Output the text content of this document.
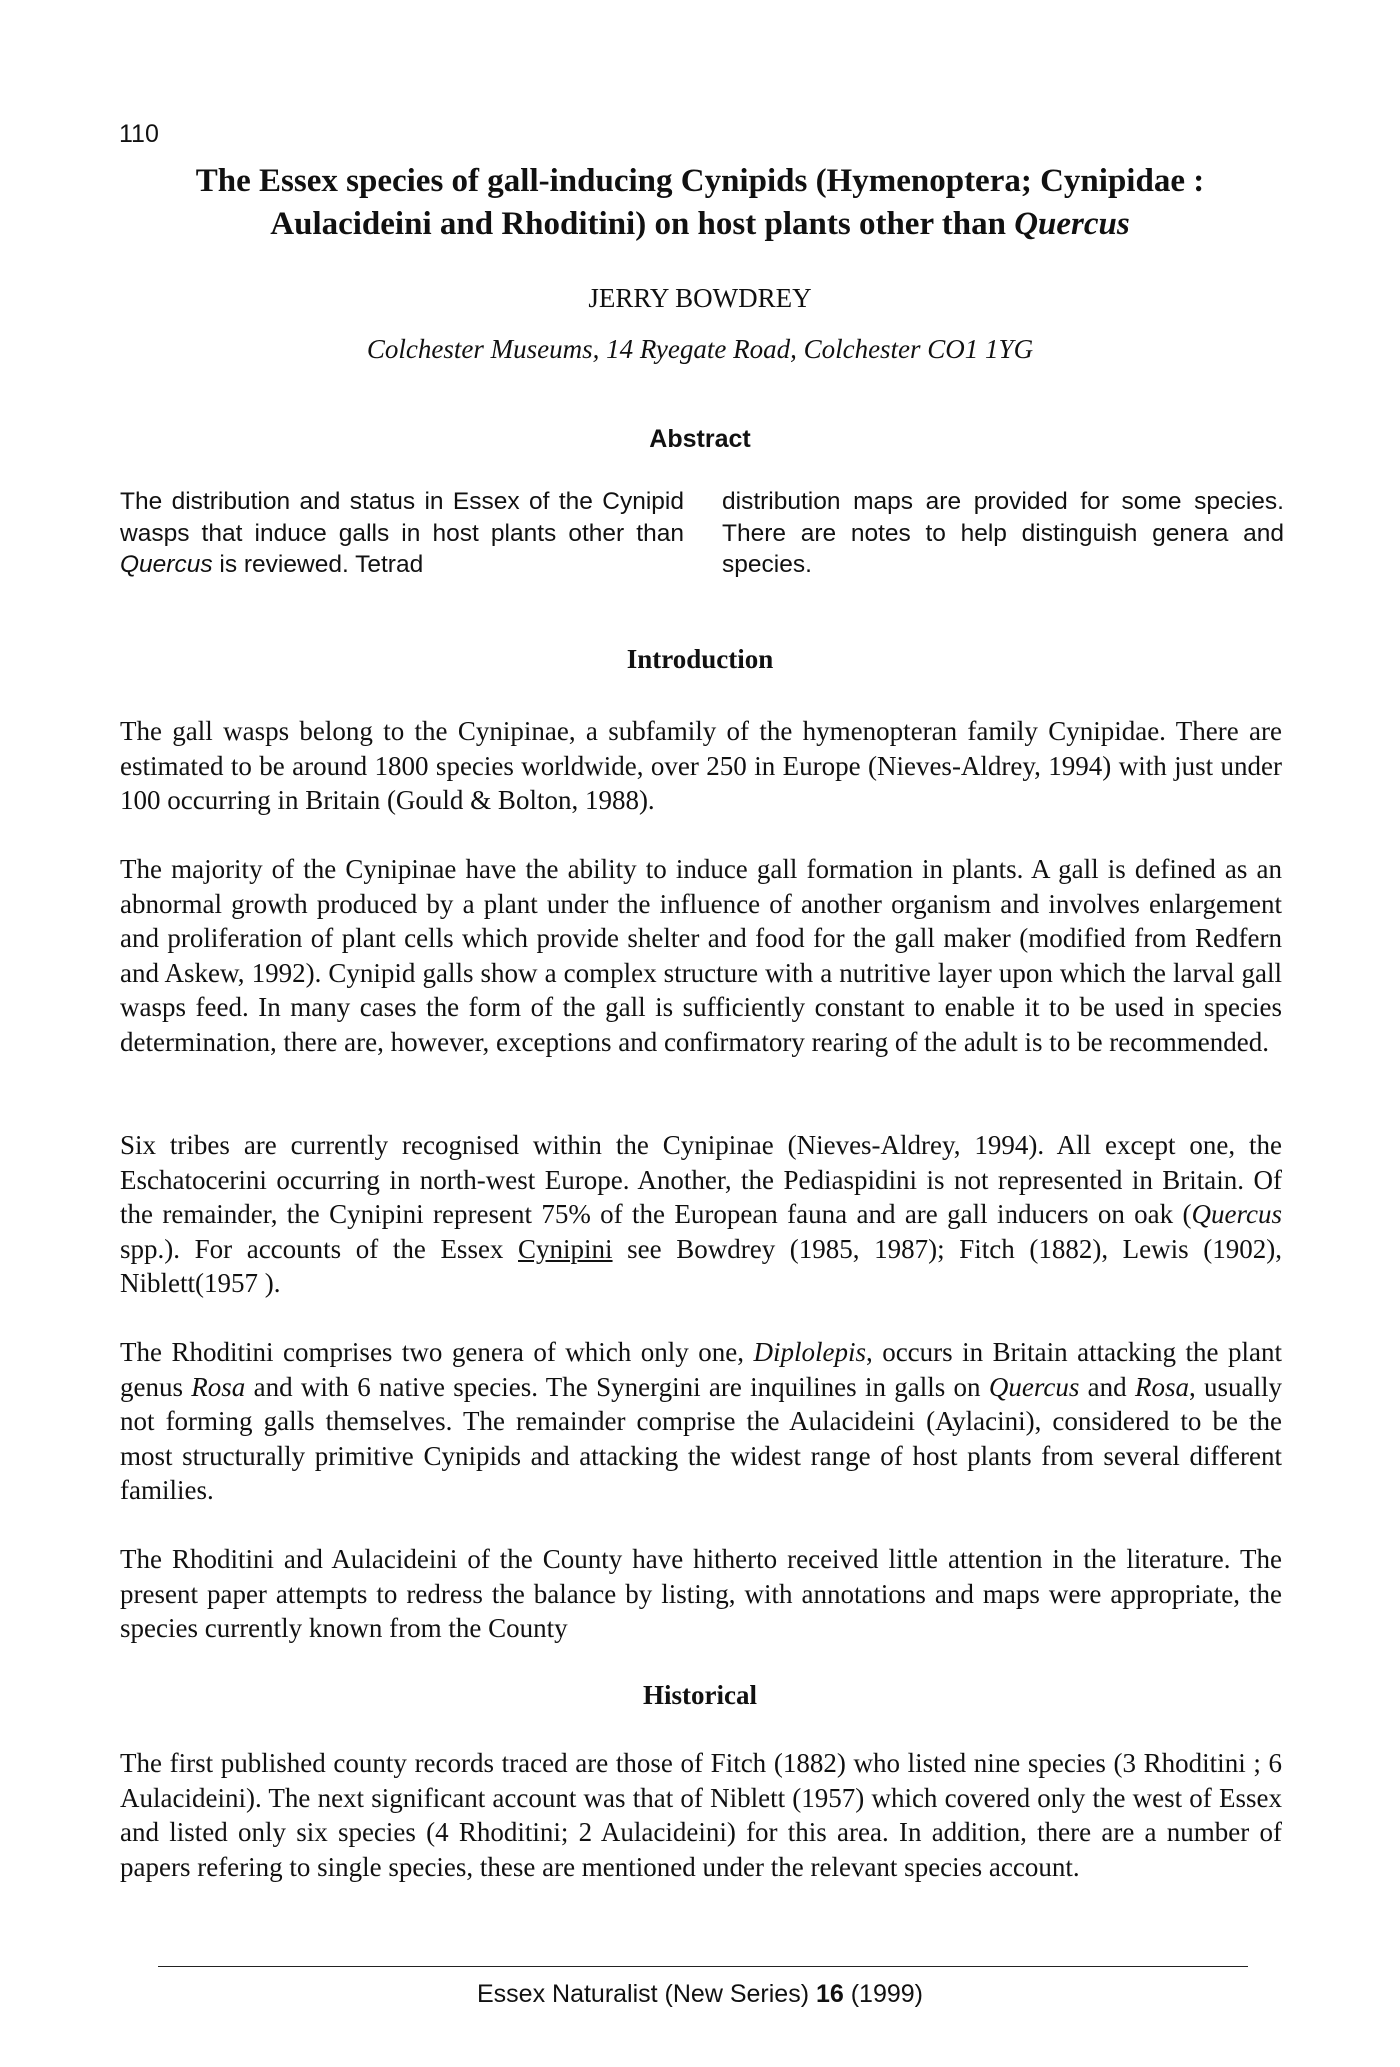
110
The Essex species of gall-inducing Cynipids (Hymenoptera; Cynipidae :
Aulacideini and Rhoditini) on host plants other than Quercus
JERRY BOWDREY
Colchester Museums, 14 Ryegate Road, Colchester CO1 1YG
Abstract
The distribution and status in Essex of the Cynipid wasps that induce galls in host plants other than Quercus is reviewed. Tetrad
distribution maps are provided for some species. There are notes to help distinguish genera and species.
Introduction
The gall wasps belong to the Cynipinae, a subfamily of the hymenopteran family Cynipidae. There are estimated to be around 1800 species worldwide, over 250 in Europe (Nieves-Aldrey, 1994) with just under 100 occurring in Britain (Gould & Bolton, 1988).
The majority of the Cynipinae have the ability to induce gall formation in plants. A gall is defined as an abnormal growth produced by a plant under the influence of another organism and involves enlargement and proliferation of plant cells which provide shelter and food for the gall maker (modified from Redfern and Askew, 1992). Cynipid galls show a complex structure with a nutritive layer upon which the larval gall wasps feed. In many cases the form of the gall is sufficiently constant to enable it to be used in species determination, there are, however, exceptions and confirmatory rearing of the adult is to be recommended.
Six tribes are currently recognised within the Cynipinae (Nieves-Aldrey, 1994). All except one, the Eschatocerini occurring in north-west Europe. Another, the Pediaspidini is not represented in Britain. Of the remainder, the Cynipini represent 75% of the European fauna and are gall inducers on oak (Quercus spp.). For accounts of the Essex Cynipini see Bowdrey (1985, 1987); Fitch (1882), Lewis (1902), Niblett(1957 ).
The Rhoditini comprises two genera of which only one, Diplolepis, occurs in Britain attacking the plant genus Rosa and with 6 native species. The Synergini are inquilines in galls on Quercus and Rosa, usually not forming galls themselves. The remainder comprise the Aulacideini (Aylacini), considered to be the most structurally primitive Cynipids and attacking the widest range of host plants from several different families.
The Rhoditini and Aulacideini of the County have hitherto received little attention in the literature. The present paper attempts to redress the balance by listing, with annotations and maps were appropriate, the species currently known from the County
Historical
The first published county records traced are those of Fitch (1882) who listed nine species (3 Rhoditini ; 6 Aulacideini). The next significant account was that of Niblett (1957) which covered only the west of Essex and listed only six species (4 Rhoditini; 2 Aulacideini) for this area. In addition, there are a number of papers refering to single species, these are mentioned under the relevant species account.
Essex Naturalist (New Series) 16 (1999)
